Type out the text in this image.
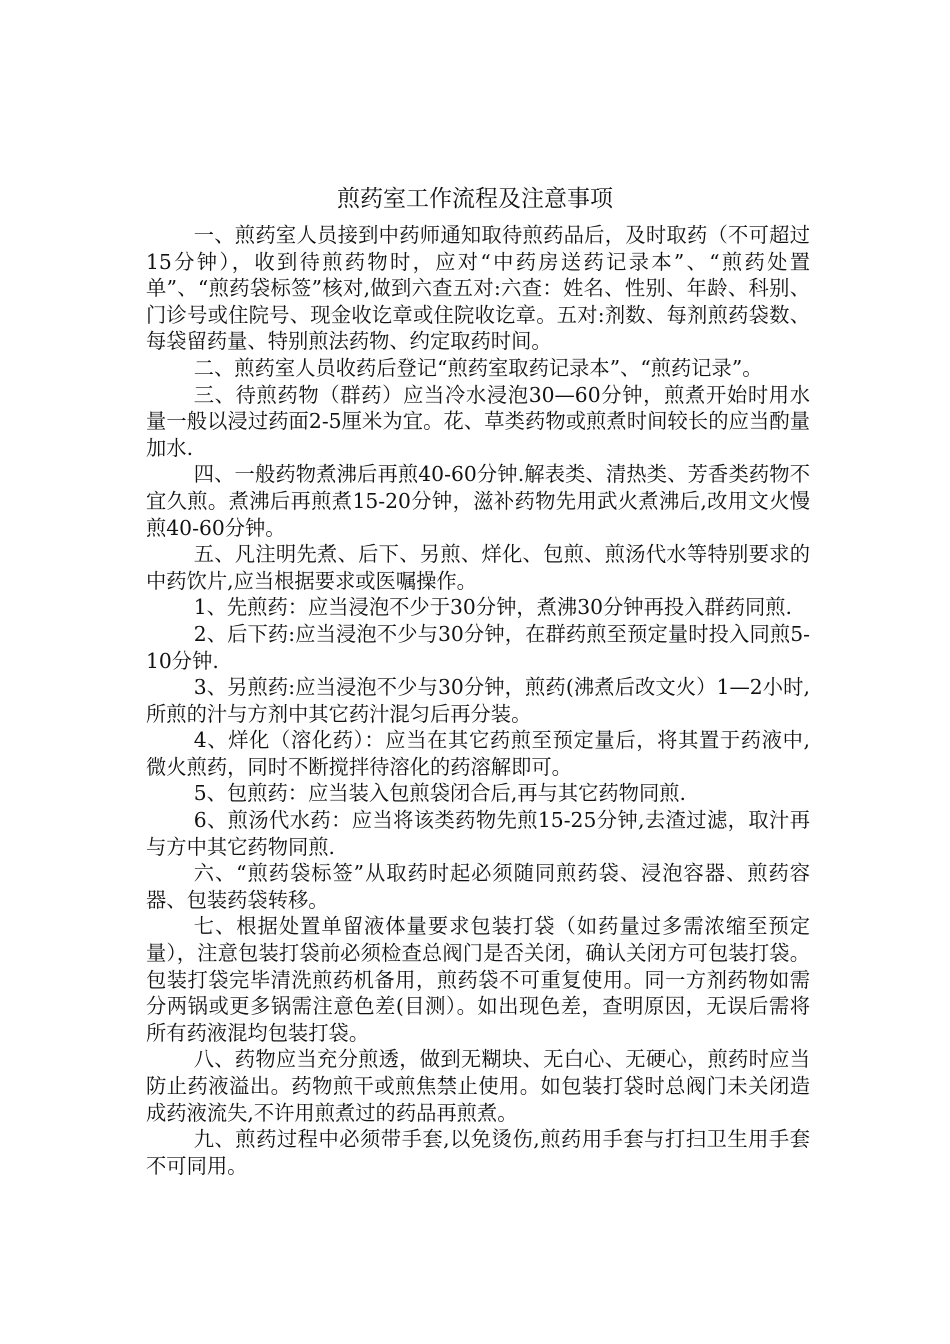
煎药室工作流程及注意事项

一、煎药室人员接到中药师通知取待煎药品后，及时取药（不可超过15分钟），收到待煎药物时，应对“中药房送药记录本”、“煎药处置单”、“煎药袋标签”核对,做到六查五对:六查：姓名、性别、年龄、科别、门诊号或住院号、现金收讫章或住院收讫章。五对:剂数、每剂煎药袋数、每袋留药量、特别煎法药物、约定取药时间。

二、煎药室人员收药后登记“煎药室取药记录本”、“煎药记录”。

三、待煎药物（群药）应当冷水浸泡30—60分钟，煎煮开始时用水量一般以浸过药面2-5厘米为宜。花、草类药物或煎煮时间较长的应当酌量加水.

四、一般药物煮沸后再煎40-60分钟.解表类、清热类、芳香类药物不宜久煎。煮沸后再煎煮15-20分钟，滋补药物先用武火煮沸后,改用文火慢煎40-60分钟。

五、凡注明先煮、后下、另煎、烊化、包煎、煎汤代水等特别要求的中药饮片,应当根据要求或医嘱操作。

1、先煎药：应当浸泡不少于30分钟，煮沸30分钟再投入群药同煎.

2、后下药:应当浸泡不少与30分钟，在群药煎至预定量时投入同煎5-10分钟.

3、另煎药:应当浸泡不少与30分钟，煎药(沸煮后改文火）1—2小时,所煎的汁与方剂中其它药汁混匀后再分装。

4、烊化（溶化药）：应当在其它药煎至预定量后，将其置于药液中,微火煎药，同时不断搅拌待溶化的药溶解即可。

5、包煎药：应当装入包煎袋闭合后,再与其它药物同煎.

6、煎汤代水药：应当将该类药物先煎15-25分钟,去渣过滤，取汁再与方中其它药物同煎.

六、“煎药袋标签”从取药时起必须随同煎药袋、浸泡容器、煎药容器、包装药袋转移。

七、根据处置单留液体量要求包装打袋（如药量过多需浓缩至预定量），注意包装打袋前必须检查总阀门是否关闭，确认关闭方可包装打袋。包装打袋完毕清洗煎药机备用，煎药袋不可重复使用。同一方剂药物如需分两锅或更多锅需注意色差(目测）。如出现色差，查明原因，无误后需将所有药液混均包装打袋。

八、药物应当充分煎透，做到无糊块、无白心、无硬心，煎药时应当防止药液溢出。药物煎干或煎焦禁止使用。如包装打袋时总阀门未关闭造成药液流失,不许用煎煮过的药品再煎煮。

九、煎药过程中必须带手套,以免烫伤,煎药用手套与打扫卫生用手套不可同用。
